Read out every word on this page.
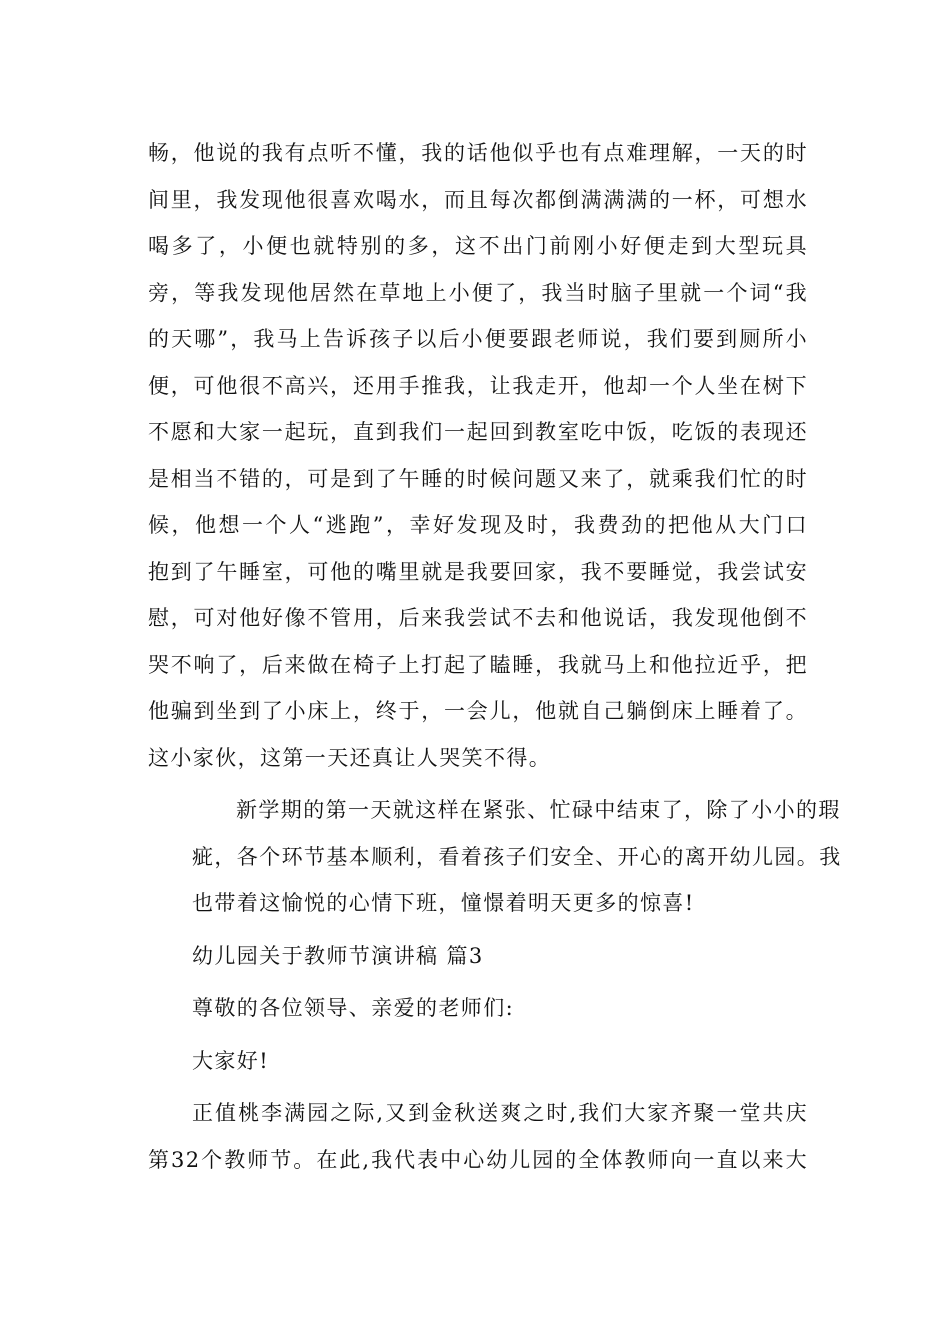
畅，他说的我有点听不懂，我的话他似乎也有点难理解，一天的时
间里，我发现他很喜欢喝水，而且每次都倒满满满的一杯，可想水
喝多了，小便也就特别的多，这不出门前刚小好便走到大型玩具
旁，等我发现他居然在草地上小便了，我当时脑子里就一个词“我
的天哪”，我马上告诉孩子以后小便要跟老师说，我们要到厕所小
便，可他很不高兴，还用手推我，让我走开，他却一个人坐在树下
不愿和大家一起玩，直到我们一起回到教室吃中饭，吃饭的表现还
是相当不错的，可是到了午睡的时候问题又来了，就乘我们忙的时
候，他想一个人“逃跑”，幸好发现及时，我费劲的把他从大门口
抱到了午睡室，可他的嘴里就是我要回家，我不要睡觉，我尝试安
慰，可对他好像不管用，后来我尝试不去和他说话，我发现他倒不
哭不响了，后来做在椅子上打起了瞌睡，我就马上和他拉近乎，把
他骗到坐到了小床上，终于，一会儿，他就自己躺倒床上睡着了。
这小家伙，这第一天还真让人哭笑不得。
新学期的第一天就这样在紧张、忙碌中结束了，除了小小的瑕
疵，各个环节基本顺利，看着孩子们安全、开心的离开幼儿园。我
也带着这愉悦的心情下班，憧憬着明天更多的惊喜!
幼儿园关于教师节演讲稿 篇3
尊敬的各位领导、亲爱的老师们:
大家好!
正值桃李满园之际,又到金秋送爽之时,我们大家齐聚一堂共庆
第32个教师节。在此,我代表中心幼儿园的全体教师向一直以来大
